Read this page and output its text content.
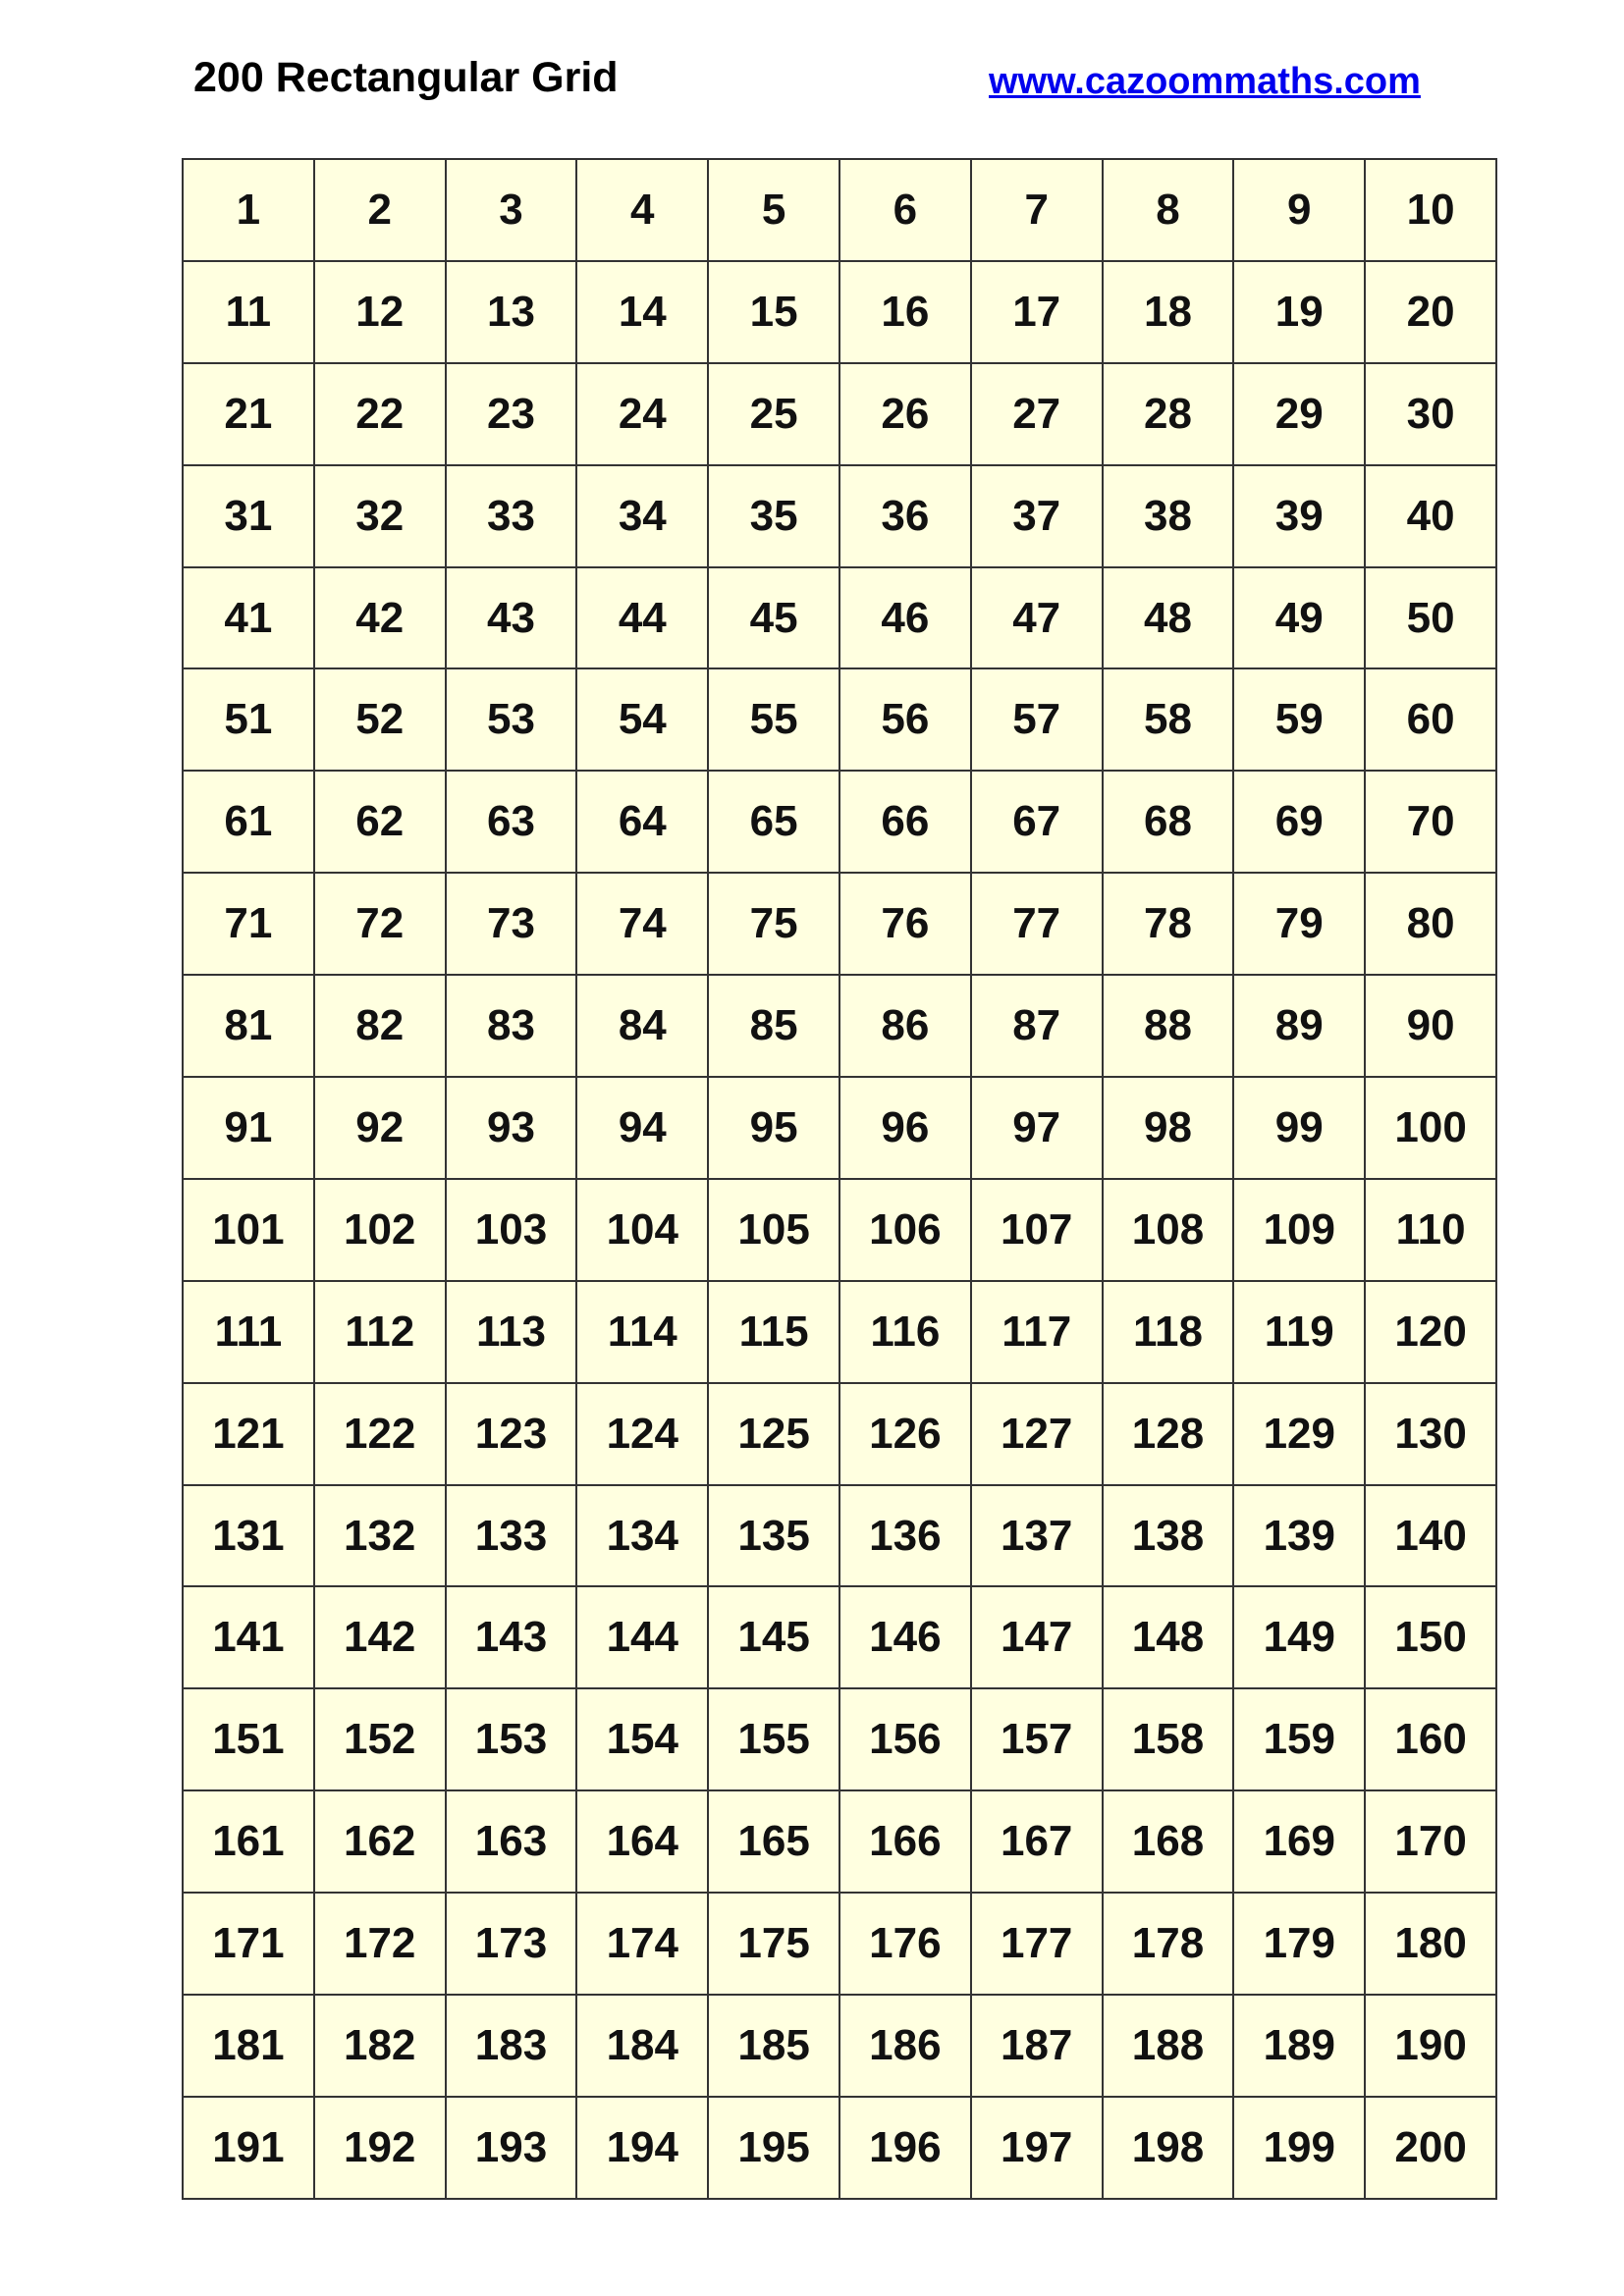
200 Rectangular Grid	www.cazoommaths.com
1	2	3	4	5	6	7	8	9	10
11	12	13	14	15	16	17	18	19	20
21	22	23	24	25	26	27	28	29	30
31	32	33	34	35	36	37	38	39	40
41	42	43	44	45	46	47	48	49	50
51	52	53	54	55	56	57	58	59	60
61	62	63	64	65	66	67	68	69	70
71	72	73	74	75	76	77	78	79	80
81	82	83	84	85	86	87	88	89	90
91	92	93	94	95	96	97	98	99	100
101	102	103	104	105	106	107	108	109	110
111	112	113	114	115	116	117	118	119	120
121	122	123	124	125	126	127	128	129	130
131	132	133	134	135	136	137	138	139	140
141	142	143	144	145	146	147	148	149	150
151	152	153	154	155	156	157	158	159	160
161	162	163	164	165	166	167	168	169	170
171	172	173	174	175	176	177	178	179	180
181	182	183	184	185	186	187	188	189	190
191	192	193	194	195	196	197	198	199	200
